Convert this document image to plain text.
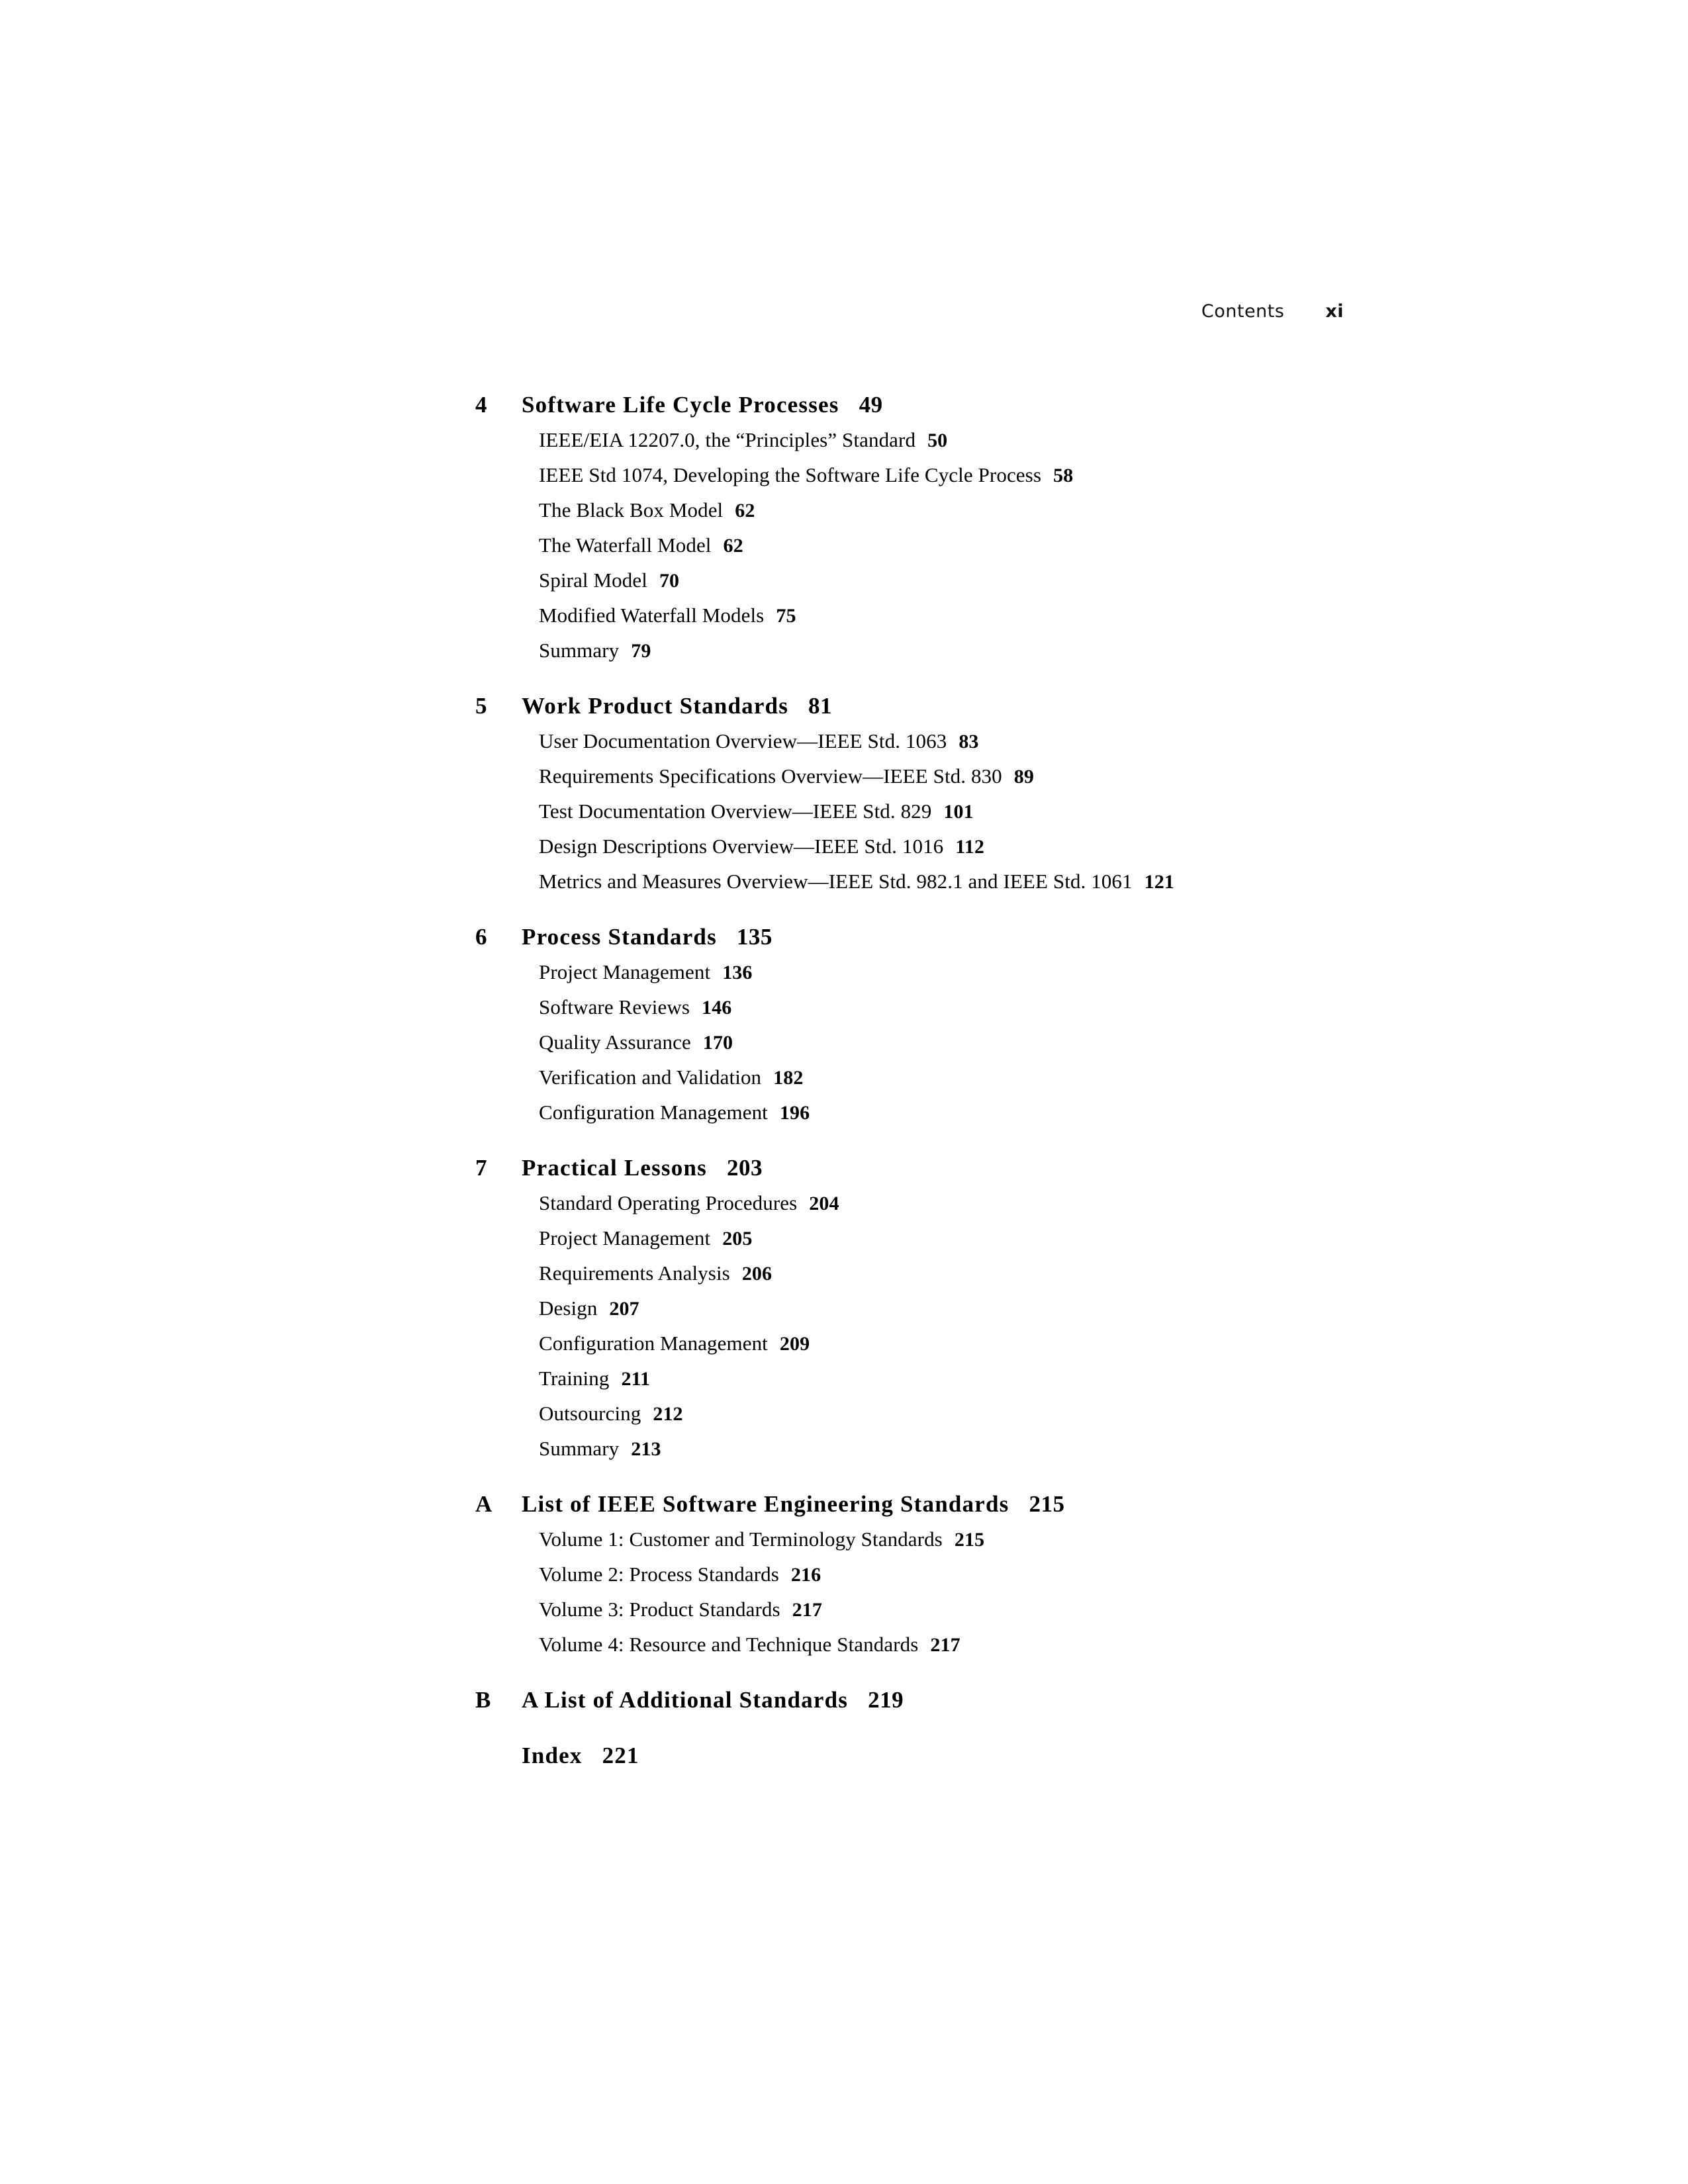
Contents xi
4	Software Life Cycle Processes 49
IEEE/EIA 12207.0, the “Principles” Standard 50
IEEE Std 1074, Developing the Software Life Cycle Process 58
The Black Box Model 62
The Waterfall Model 62
Spiral Model 70
Modified Waterfall Models 75
Summary 79
5	Work Product Standards 81
User Documentation Overview—IEEE Std. 1063 83
Requirements Specifications Overview—IEEE Std. 830 89
Test Documentation Overview—IEEE Std. 829 101
Design Descriptions Overview—IEEE Std. 1016 112
Metrics and Measures Overview—IEEE Std. 982.1 and IEEE Std. 1061 121
6	Process Standards 135
Project Management 136
Software Reviews 146
Quality Assurance 170
Verification and Validation 182
Configuration Management 196
7	Practical Lessons 203
Standard Operating Procedures 204
Project Management 205
Requirements Analysis 206
Design 207
Configuration Management 209
Training 211
Outsourcing 212
Summary 213
A	List of IEEE Software Engineering Standards 215
Volume 1: Customer and Terminology Standards 215
Volume 2: Process Standards 216
Volume 3: Product Standards 217
Volume 4: Resource and Technique Standards 217
B	A List of Additional Standards 219
Index 221
